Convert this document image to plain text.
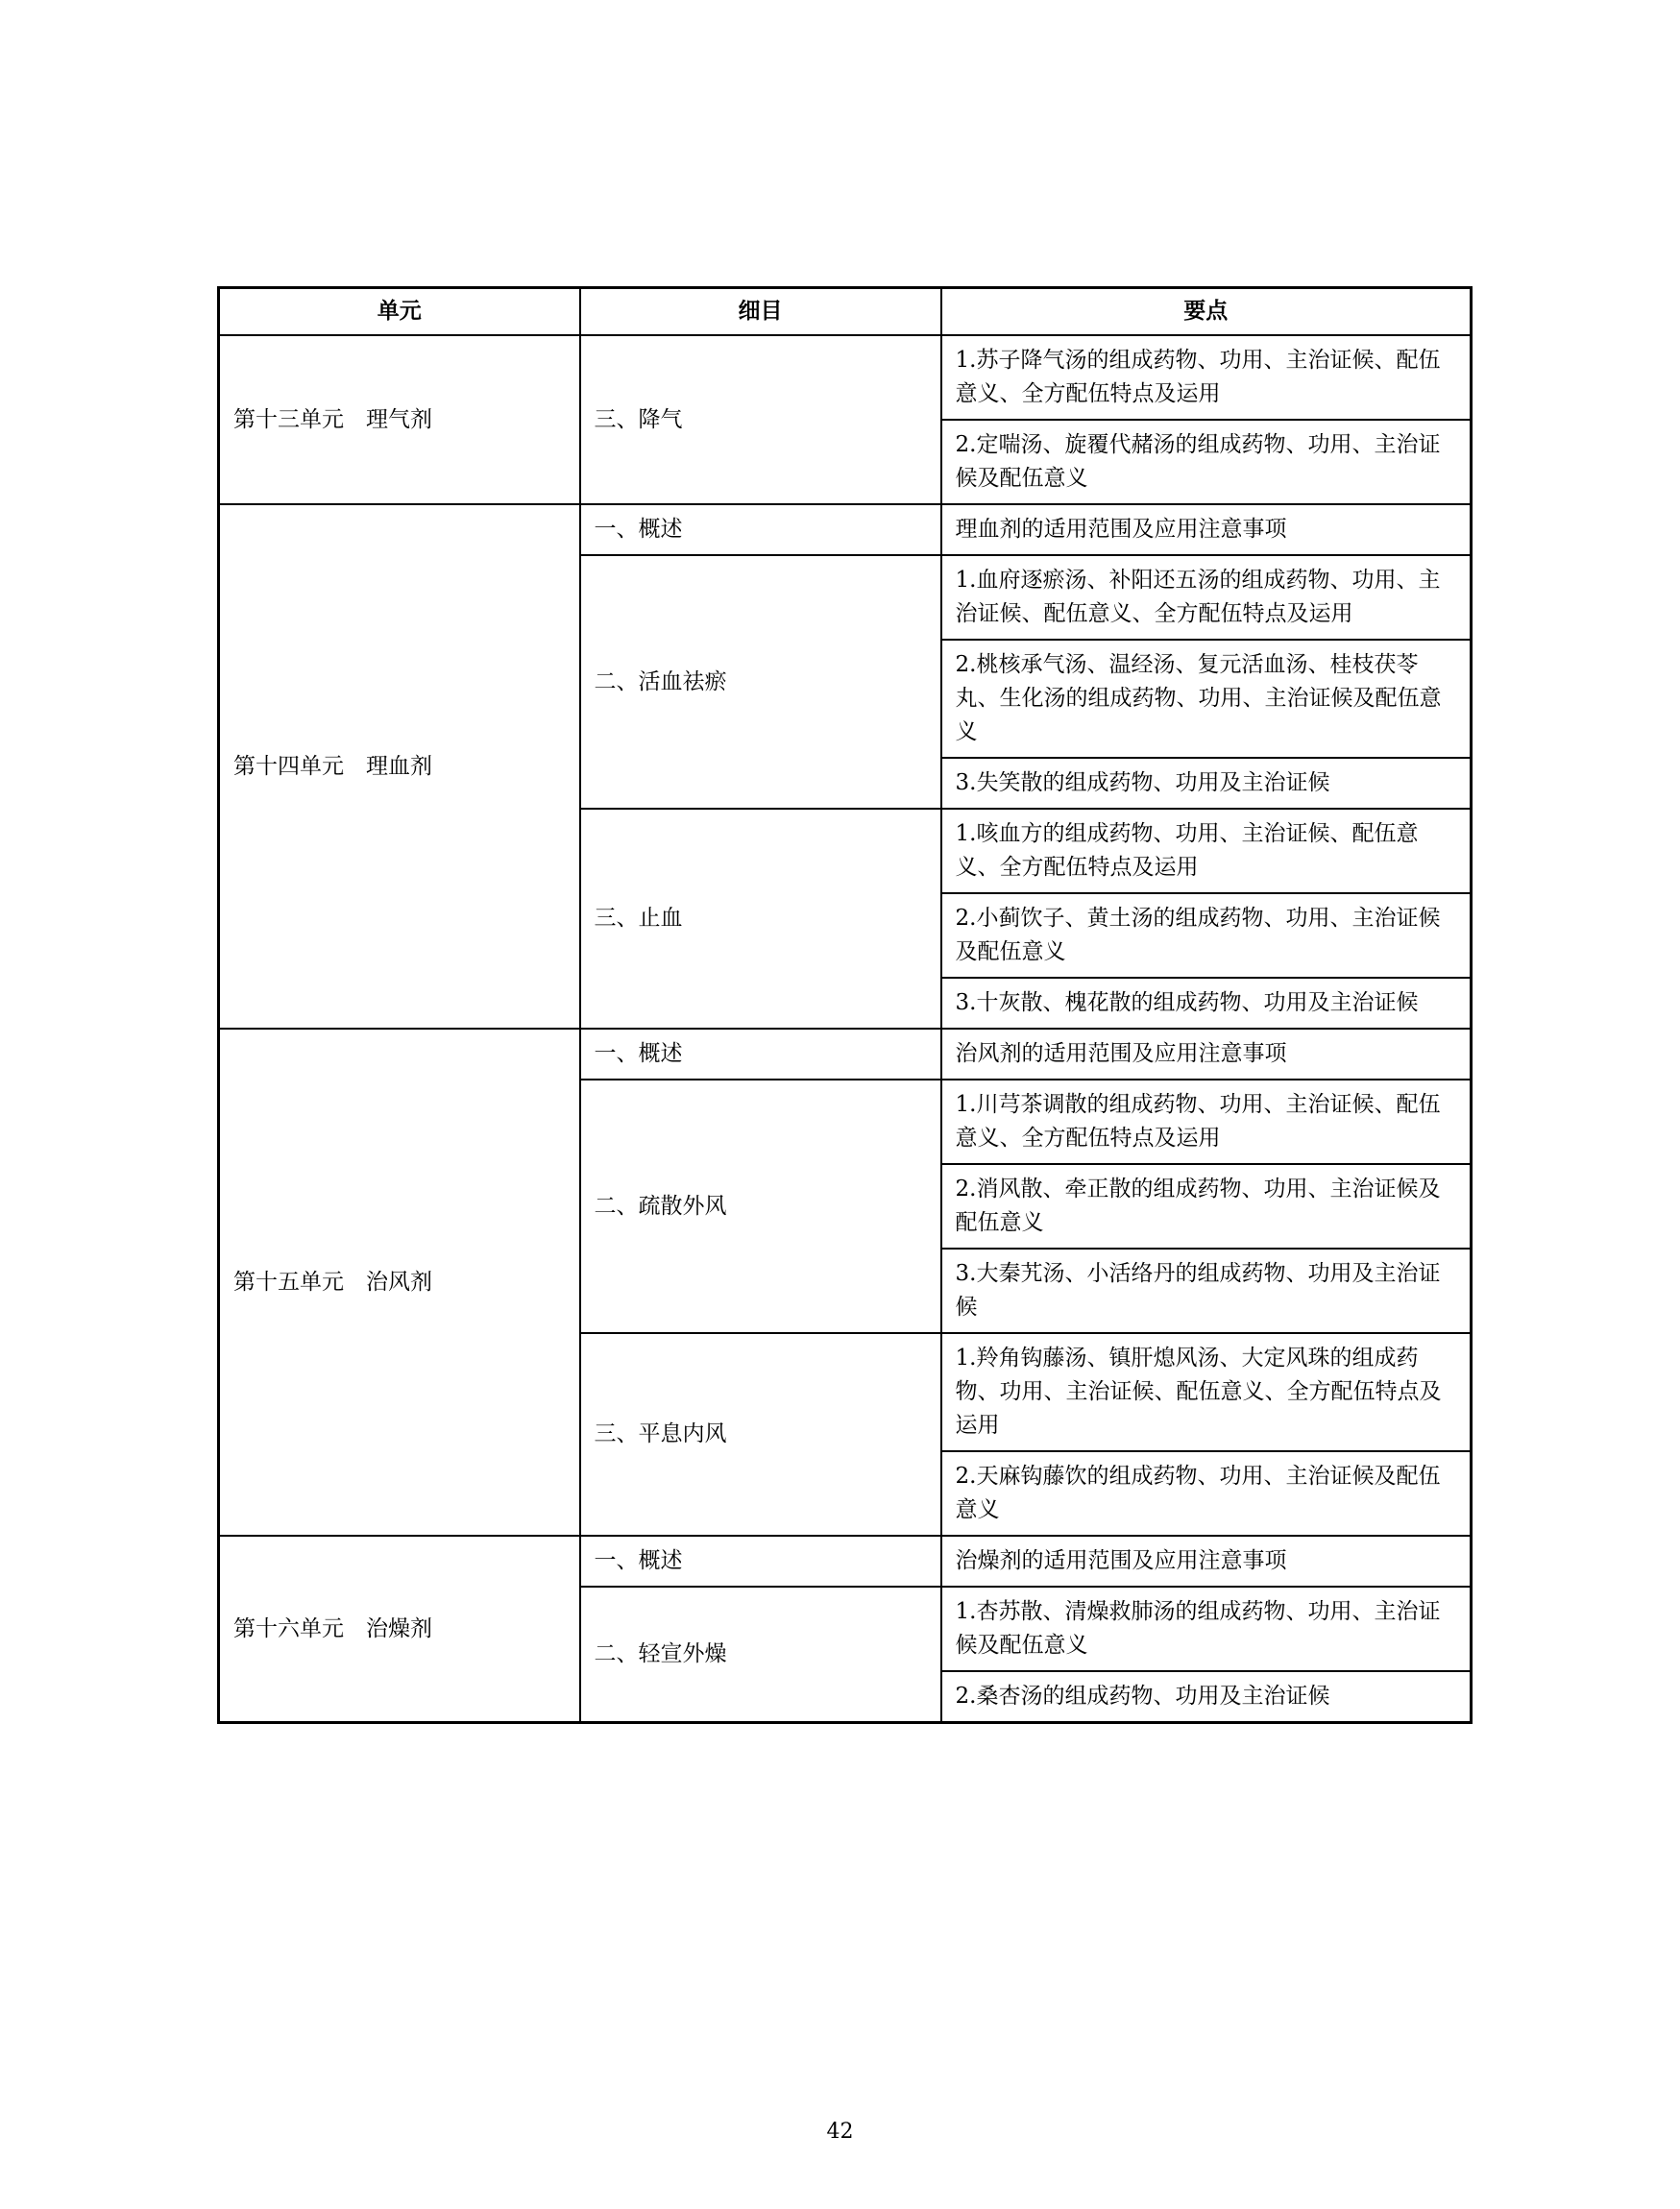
单元	细目	要点
第十三单元　理气剂	三、降气	1.苏子降气汤的组成药物、功用、主治证候、配伍意义、全方配伍特点及运用
		2.定喘汤、旋覆代赭汤的组成药物、功用、主治证候及配伍意义
第十四单元　理血剂	一、概述	理血剂的适用范围及应用注意事项
	二、活血祛瘀	1.血府逐瘀汤、补阳还五汤的组成药物、功用、主治证候、配伍意义、全方配伍特点及运用
		2.桃核承气汤、温经汤、复元活血汤、桂枝茯苓丸、生化汤的组成药物、功用、主治证候及配伍意义
		3.失笑散的组成药物、功用及主治证候
	三、止血	1.咳血方的组成药物、功用、主治证候、配伍意义、全方配伍特点及运用
		2.小蓟饮子、黄土汤的组成药物、功用、主治证候及配伍意义
		3.十灰散、槐花散的组成药物、功用及主治证候
第十五单元　治风剂	一、概述	治风剂的适用范围及应用注意事项
	二、疏散外风	1.川芎茶调散的组成药物、功用、主治证候、配伍意义、全方配伍特点及运用
		2.消风散、牵正散的组成药物、功用、主治证候及配伍意义
		3.大秦艽汤、小活络丹的组成药物、功用及主治证候
	三、平息内风	1.羚角钩藤汤、镇肝熄风汤、大定风珠的组成药物、功用、主治证候、配伍意义、全方配伍特点及运用
		2.天麻钩藤饮的组成药物、功用、主治证候及配伍意义
第十六单元　治燥剂	一、概述	治燥剂的适用范围及应用注意事项
	二、轻宣外燥	1.杏苏散、清燥救肺汤的组成药物、功用、主治证候及配伍意义
		2.桑杏汤的组成药物、功用及主治证候
42
